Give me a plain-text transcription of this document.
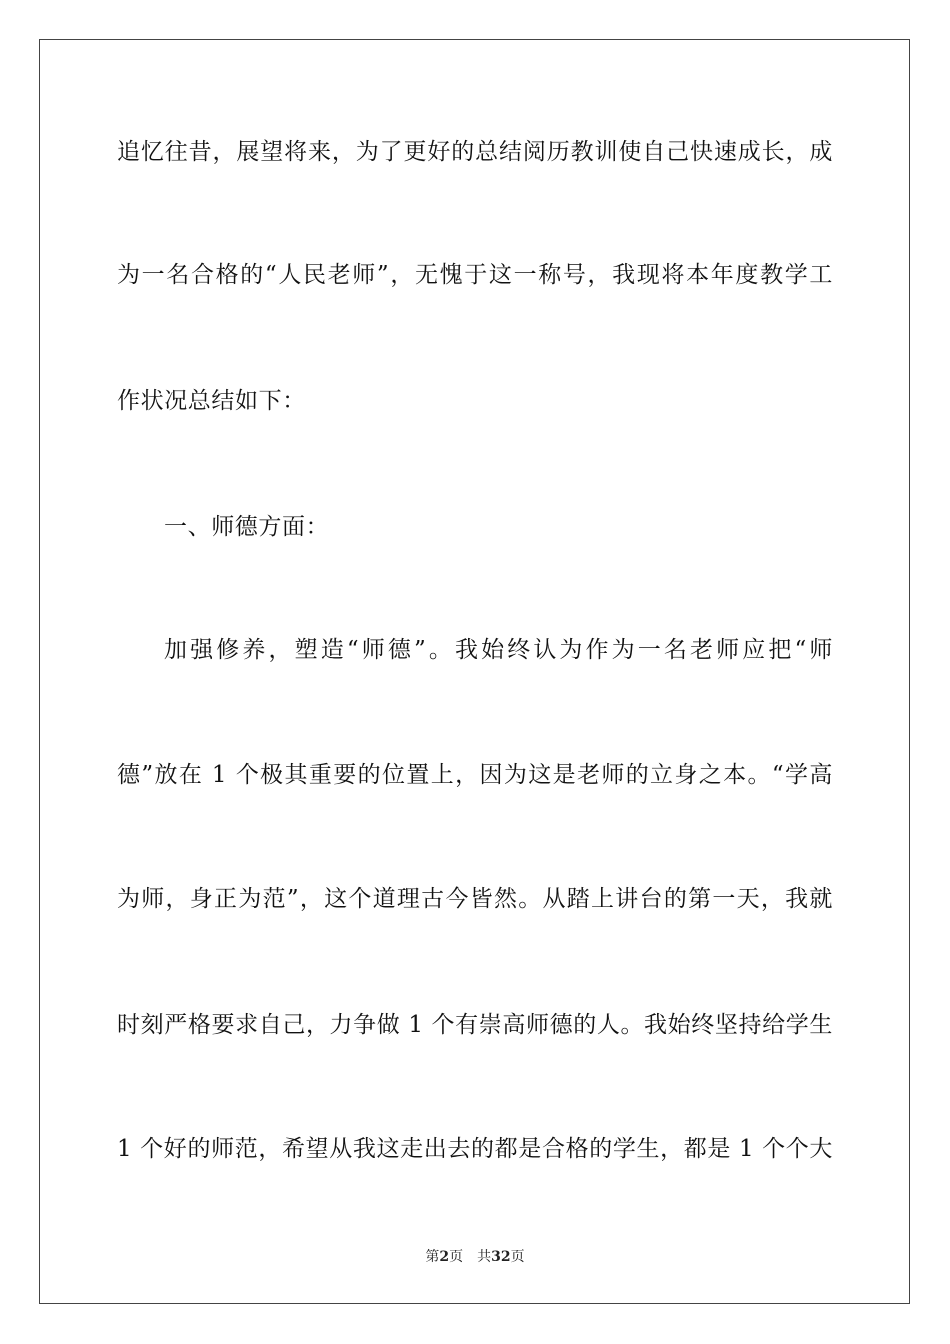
追忆往昔，展望将来，为了更好的总结阅历教训使自己快速成长，成
为一名合格的“人民老师”，无愧于这一称号，我现将本年度教学工
作状况总结如下：
一、师德方面：
加强修养，塑造“师德”。我始终认为作为一名老师应把“师
德”放在 1 个极其重要的位置上，因为这是老师的立身之本。“学高
为师，身正为范”，这个道理古今皆然。从踏上讲台的第一天，我就
时刻严格要求自己，力争做 1 个有崇高师德的人。我始终坚持给学生
1 个好的师范，希望从我这走出去的都是合格的学生，都是 1 个个大
第2页 共32页
